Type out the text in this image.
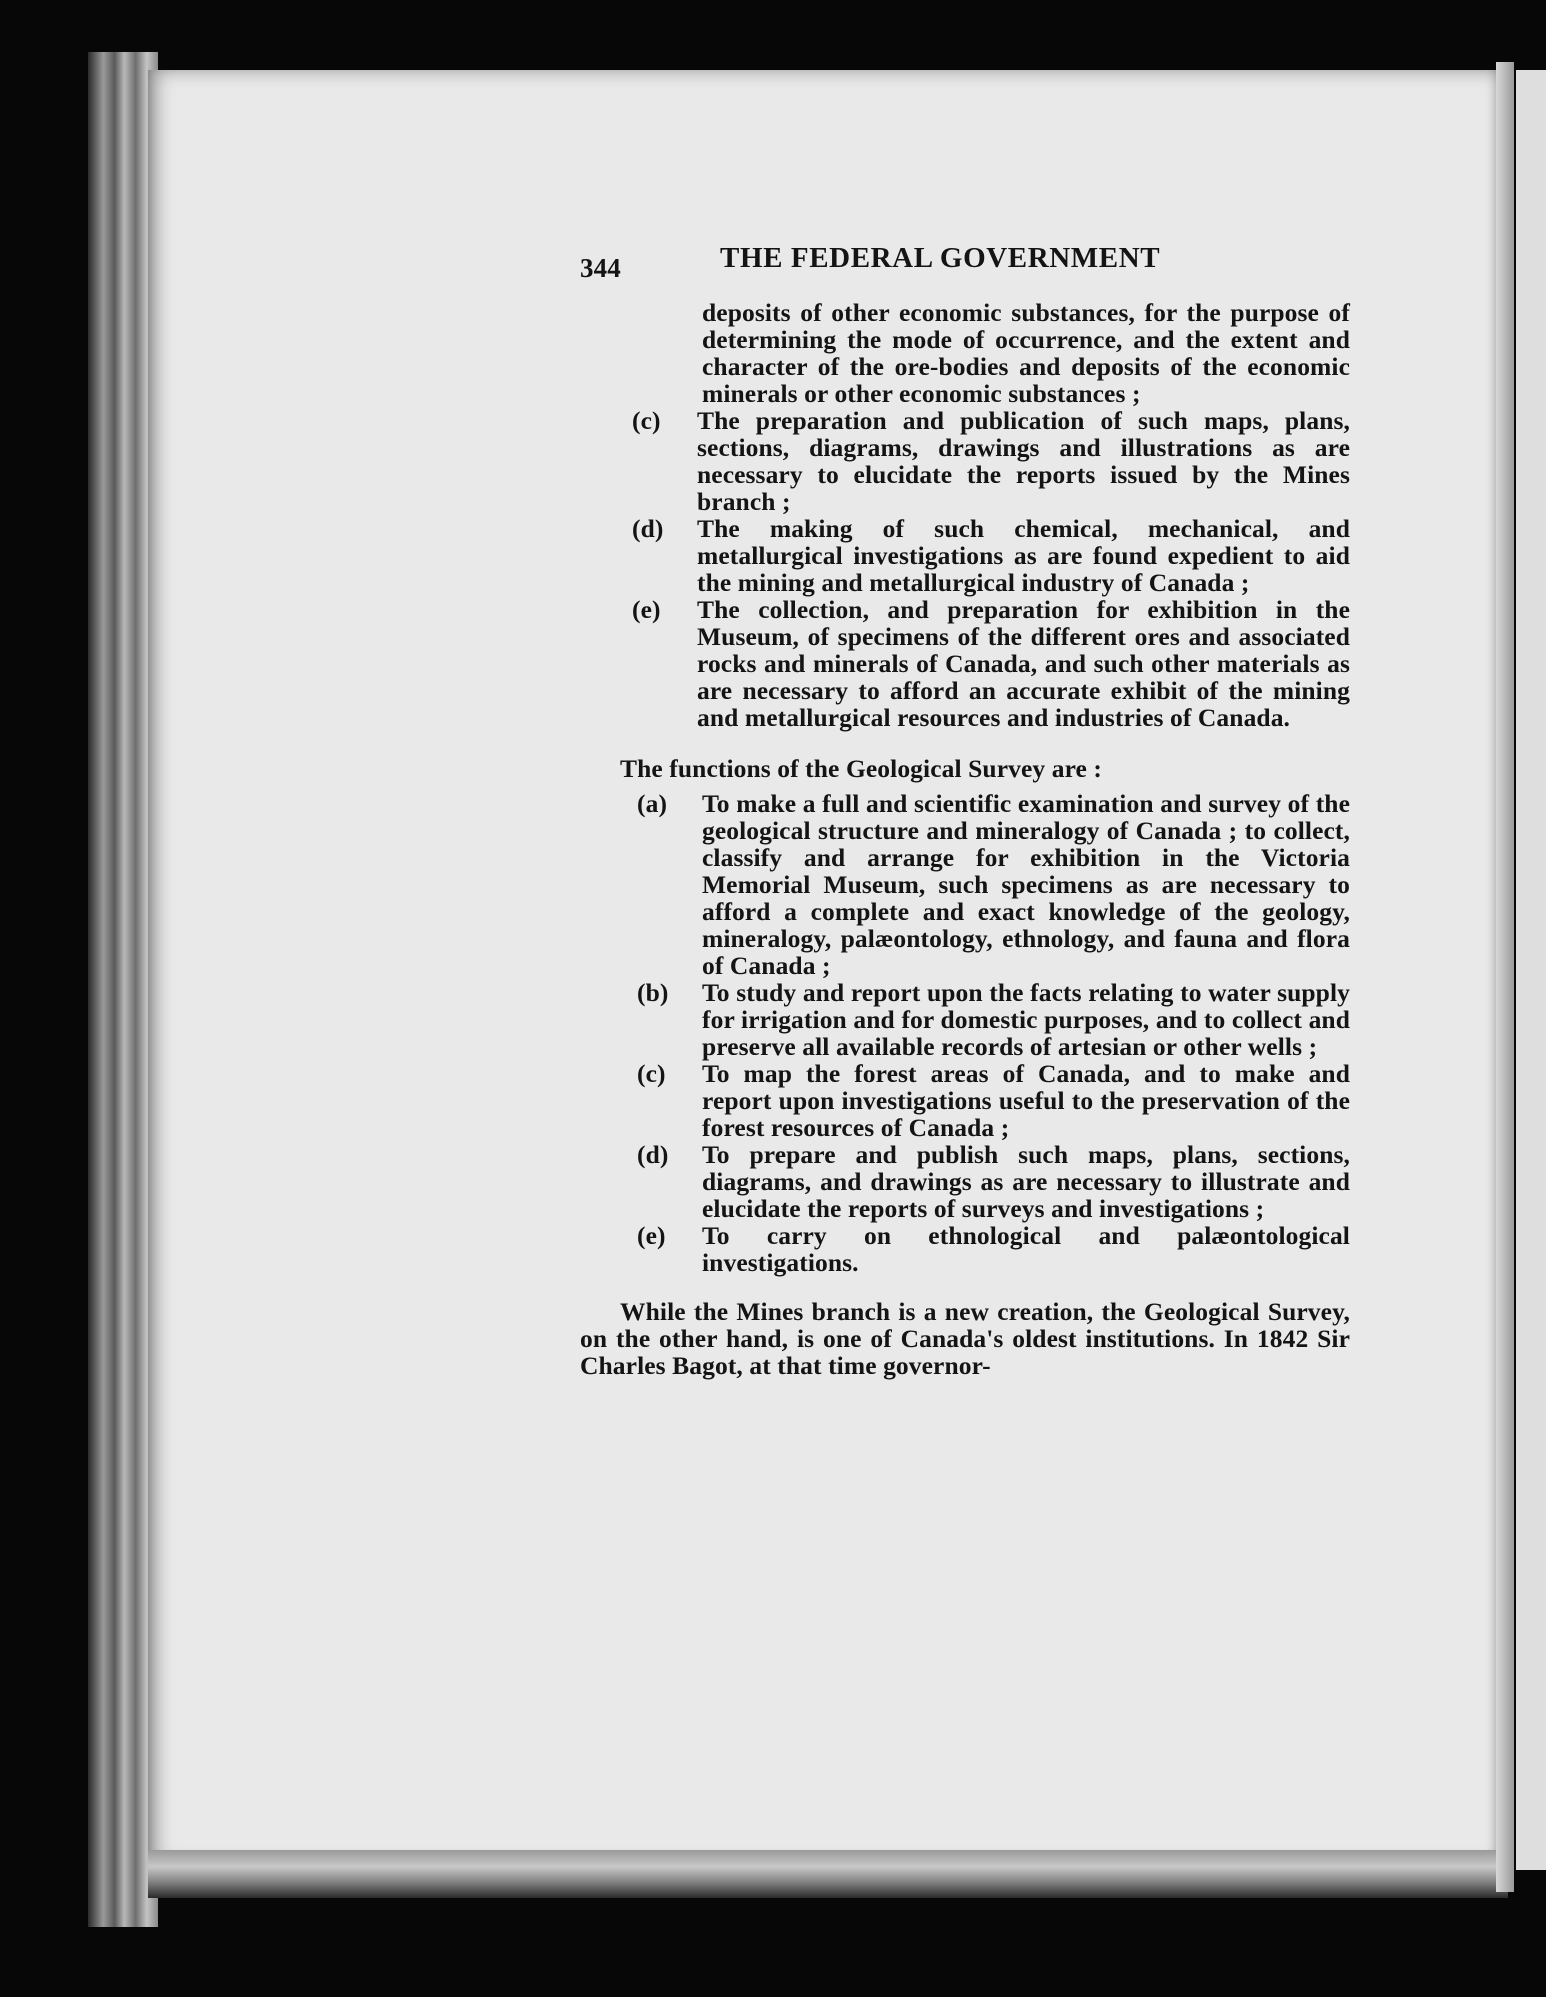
344	THE FEDERAL GOVERNMENT
deposits of other economic substances, for the purpose of determining the mode of occurrence, and the extent and character of the ore-bodies and deposits of the economic minerals or other economic substances ;
(c) The preparation and publication of such maps, plans, sections, diagrams, drawings and illustrations as are necessary to elucidate the reports issued by the Mines branch ;
(d) The making of such chemical, mechanical, and metallurgical investigations as are found expedient to aid the mining and metallurgical industry of Canada ;
(e) The collection, and preparation for exhibition in the Museum, of specimens of the different ores and associated rocks and minerals of Canada, and such other materials as are necessary to afford an accurate exhibit of the mining and metallurgical resources and industries of Canada.
The functions of the Geological Survey are :
(a) To make a full and scientific examination and survey of the geological structure and mineralogy of Canada ; to collect, classify and arrange for exhibition in the Victoria Memorial Museum, such specimens as are necessary to afford a complete and exact knowledge of the geology, mineralogy, palæontology, ethnology, and fauna and flora of Canada ;
(b) To study and report upon the facts relating to water supply for irrigation and for domestic purposes, and to collect and preserve all available records of artesian or other wells ;
(c) To map the forest areas of Canada, and to make and report upon investigations useful to the preservation of the forest resources of Canada ;
(d) To prepare and publish such maps, plans, sections, diagrams, and drawings as are necessary to illustrate and elucidate the reports of surveys and investigations ;
(e) To carry on ethnological and palæontological investigations.
While the Mines branch is a new creation, the Geological Survey, on the other hand, is one of Canada's oldest institutions. In 1842 Sir Charles Bagot, at that time governor-
